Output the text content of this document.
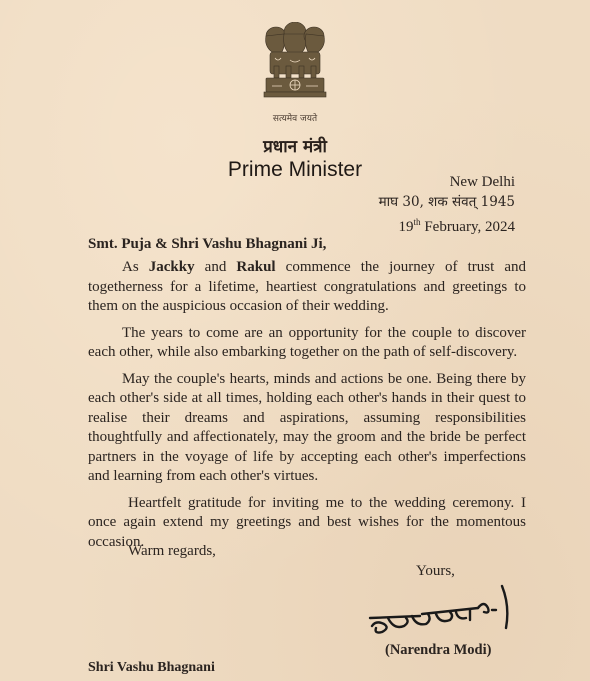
सत्यमेव जयते
प्रधान मंत्री
Prime Minister
New Delhi
माघ 30, शक संवत् 1945
19th February, 2024
Smt. Puja & Shri Vashu Bhagnani Ji,

As Jackky and Rakul commence the journey of trust and togetherness for a lifetime, heartiest congratulations and greetings to them on the auspicious occasion of their wedding.

The years to come are an opportunity for the couple to discover each other, while also embarking together on the path of self-discovery.

May the couple's hearts, minds and actions be one. Being there by each other's side at all times, holding each other's hands in their quest to realise their dreams and aspirations, assuming responsibilities thoughtfully and affectionately, may the groom and the bride be perfect partners in the voyage of life by accepting each other's imperfections and learning from each other's virtues.

Heartfelt gratitude for inviting me to the wedding ceremony. I once again extend my greetings and best wishes for the momentous occasion.

Warm regards,
Yours,
(Narendra Modi)
Shri Vashu Bhagnani
